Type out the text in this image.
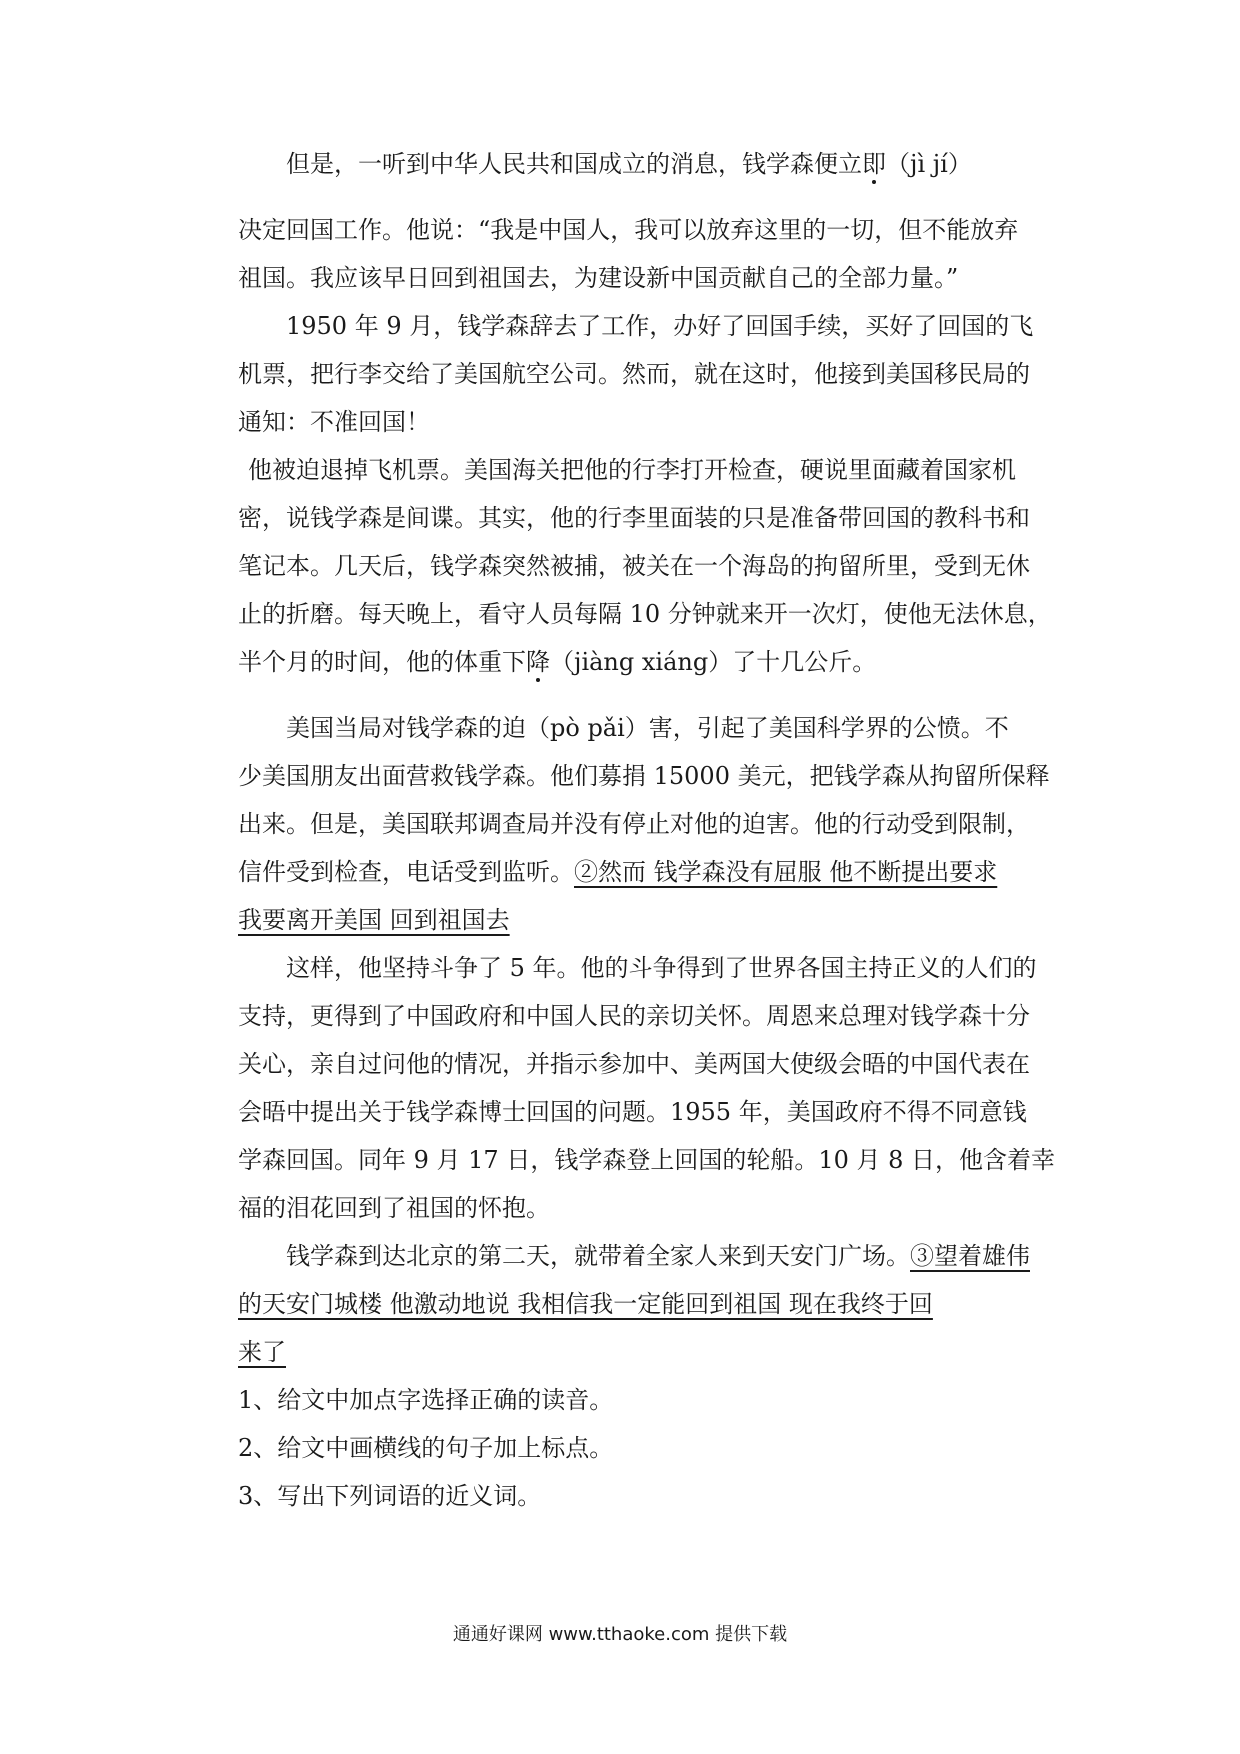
但是，一听到中华人民共和国成立的消息，钱学森便立即（jì jí）
决定回国工作。他说：“我是中国人，我可以放弃这里的一切，但不能放弃
祖国。我应该早日回到祖国去，为建设新中国贡献自己的全部力量。”
1950 年 9 月，钱学森辞去了工作，办好了回国手续，买好了回国的飞
机票，把行李交给了美国航空公司。然而，就在这时，他接到美国移民局的
通知：不准回国！
他被迫退掉飞机票。美国海关把他的行李打开检查，硬说里面藏着国家机
密，说钱学森是间谍。其实，他的行李里面装的只是准备带回国的教科书和
笔记本。几天后，钱学森突然被捕，被关在一个海岛的拘留所里，受到无休
止的折磨。每天晚上，看守人员每隔 10 分钟就来开一次灯，使他无法休息，
半个月的时间，他的体重下降（jiàng xiáng）了十几公斤。
美国当局对钱学森的迫（pò pǎi）害，引起了美国科学界的公愤。不
少美国朋友出面营救钱学森。他们募捐 15000 美元，把钱学森从拘留所保释
出来。但是，美国联邦调查局并没有停止对他的迫害。他的行动受到限制，
信件受到检查，电话受到监听。②然而 钱学森没有屈服 他不断提出要求
我要离开美国 回到祖国去
这样，他坚持斗争了 5 年。他的斗争得到了世界各国主持正义的人们的
支持，更得到了中国政府和中国人民的亲切关怀。周恩来总理对钱学森十分
关心，亲自过问他的情况，并指示参加中、美两国大使级会晤的中国代表在
会晤中提出关于钱学森博士回国的问题。1955 年，美国政府不得不同意钱
学森回国。同年 9 月 17 日，钱学森登上回国的轮船。10 月 8 日，他含着幸
福的泪花回到了祖国的怀抱。
钱学森到达北京的第二天，就带着全家人来到天安门广场。③望着雄伟
的天安门城楼 他激动地说 我相信我一定能回到祖国 现在我终于回
来了
1、给文中加点字选择正确的读音。
2、给文中画横线的句子加上标点。
3、写出下列词语的近义词。
通通好课网 www.tthaoke.com 提供下载
